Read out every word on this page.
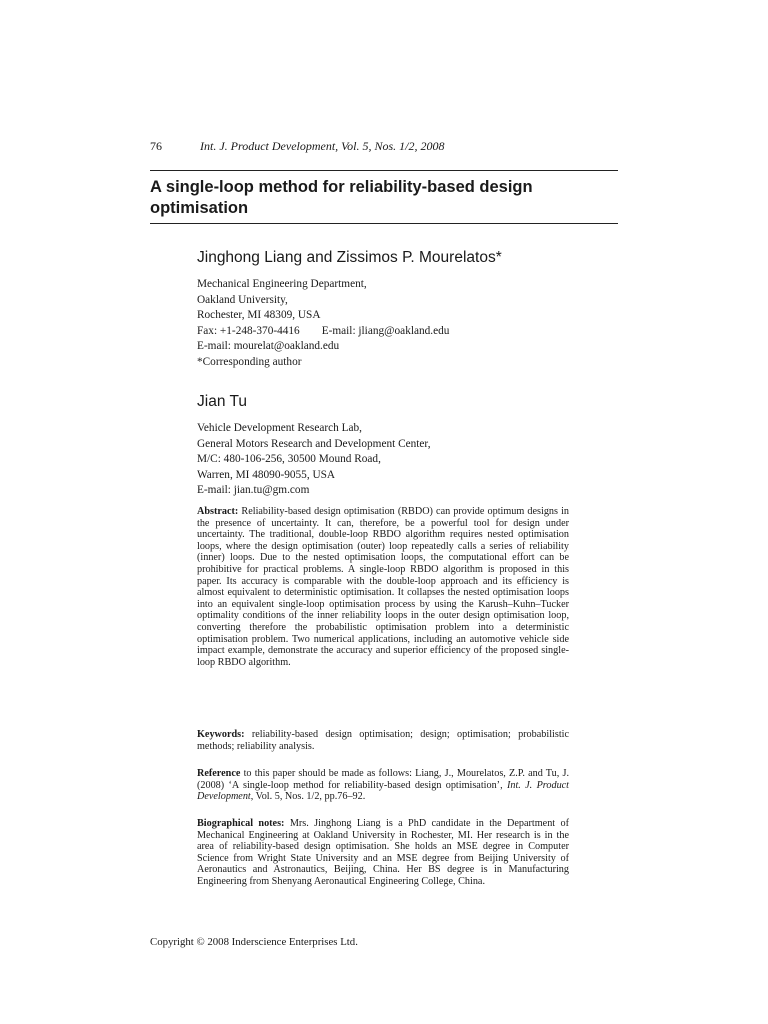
76	Int. J. Product Development, Vol. 5, Nos. 1/2, 2008
A single-loop method for reliability-based design optimisation
Jinghong Liang and Zissimos P. Mourelatos*
Mechanical Engineering Department,
Oakland University,
Rochester, MI 48309, USA
Fax: +1-248-370-4416 E-mail: jliang@oakland.edu
E-mail: mourelat@oakland.edu
*Corresponding author
Jian Tu
Vehicle Development Research Lab,
General Motors Research and Development Center,
M/C: 480-106-256, 30500 Mound Road,
Warren, MI 48090-9055, USA
E-mail: jian.tu@gm.com

Abstract: Reliability-based design optimisation (RBDO) can provide optimum designs in the presence of uncertainty. It can, therefore, be a powerful tool for design under uncertainty. The traditional, double-loop RBDO algorithm requires nested optimisation loops, where the design optimisation (outer) loop repeatedly calls a series of reliability (inner) loops. Due to the nested optimisation loops, the computational effort can be prohibitive for practical problems. A single-loop RBDO algorithm is proposed in this paper. Its accuracy is comparable with the double-loop approach and its efficiency is almost equivalent to deterministic optimisation. It collapses the nested optimisation loops into an equivalent single-loop optimisation process by using the Karush–Kuhn–Tucker optimality conditions of the inner reliability loops in the outer design optimisation loop, converting therefore the probabilistic optimisation problem into a deterministic optimisation problem. Two numerical applications, including an automotive vehicle side impact example, demonstrate the accuracy and superior efficiency of the proposed single-loop RBDO algorithm.

Keywords: reliability-based design optimisation; design; optimisation; probabilistic methods; reliability analysis.

Reference to this paper should be made as follows: Liang, J., Mourelatos, Z.P. and Tu, J. (2008) ‘A single-loop method for reliability-based design optimisation’, Int. J. Product Development, Vol. 5, Nos. 1/2, pp.76–92.

Biographical notes: Mrs. Jinghong Liang is a PhD candidate in the Department of Mechanical Engineering at Oakland University in Rochester, MI. Her research is in the area of reliability-based design optimisation. She holds an MSE degree in Computer Science from Wright State University and an MSE degree from Beijing University of Aeronautics and Astronautics, Beijing, China. Her BS degree is in Manufacturing Engineering from Shenyang Aeronautical Engineering College, China.

Copyright © 2008 Inderscience Enterprises Ltd.
